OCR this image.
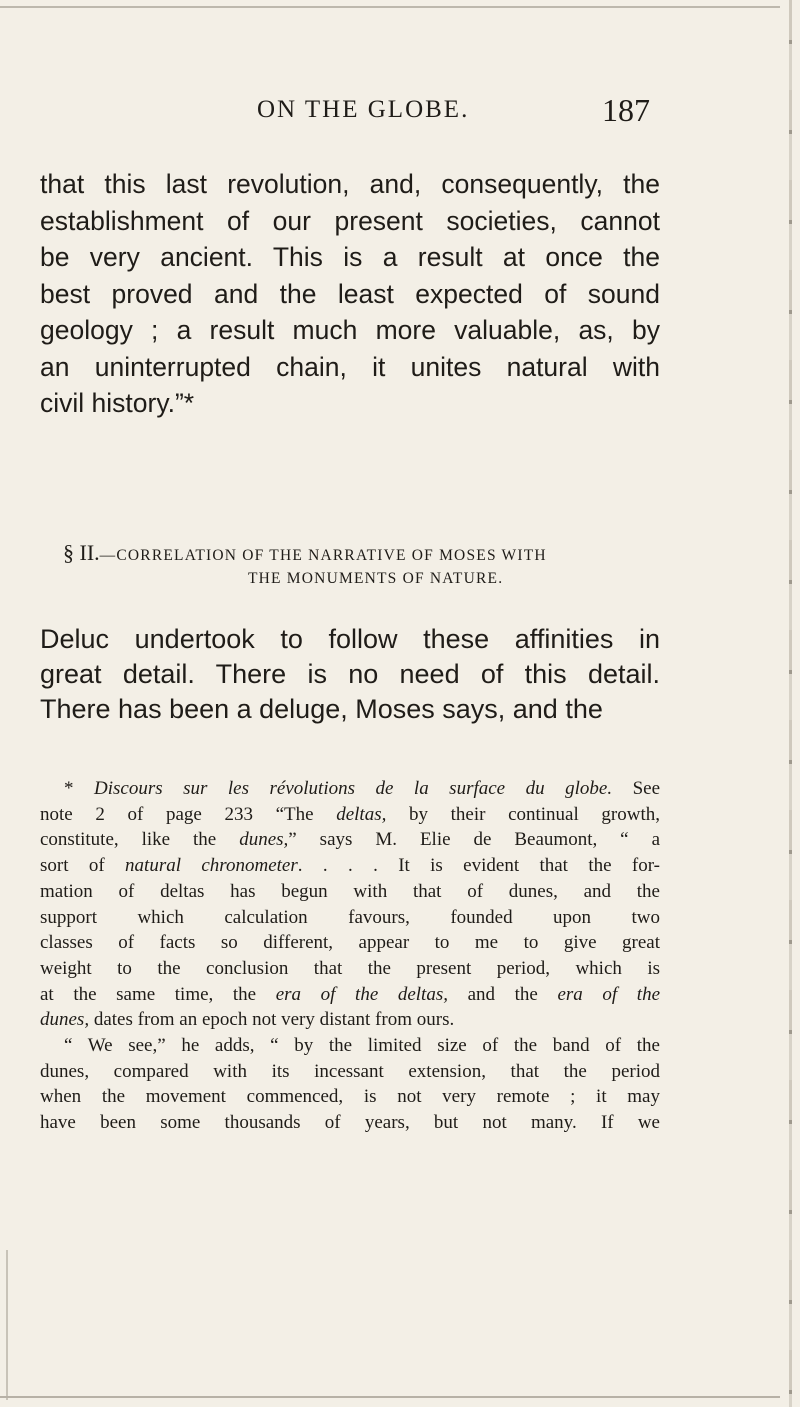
ON THE GLOBE.	187

that this last revolution, and, consequently, the
establishment of our present societies, cannot
be very ancient. This is a result at once the
best proved and the least expected of sound
geology ; a result much more valuable, as, by
an uninterrupted chain, it unites natural with
civil history.”*

§ II.—CORRELATION OF THE NARRATIVE OF MOSES WITH
THE MONUMENTS OF NATURE.

Deluc undertook to follow these affinities in
great detail. There is no need of this detail.
There has been a deluge, Moses says, and the

* Discours sur les révolutions de la surface du globe. See
note 2 of page 233 “The deltas, by their continual growth,
constitute, like the dunes,” says M. Elie de Beaumont, “ a
sort of natural chronometer. . . . It is evident that the for-
mation of deltas has begun with that of dunes, and the
support which calculation favours, founded upon two
classes of facts so different, appear to me to give great
weight to the conclusion that the present period, which is
at the same time, the era of the deltas, and the era of the
dunes, dates from an epoch not very distant from ours.
“ We see,” he adds, “ by the limited size of the band of the
dunes, compared with its incessant extension, that the period
when the movement commenced, is not very remote ; it may
have been some thousands of years, but not many. If we
